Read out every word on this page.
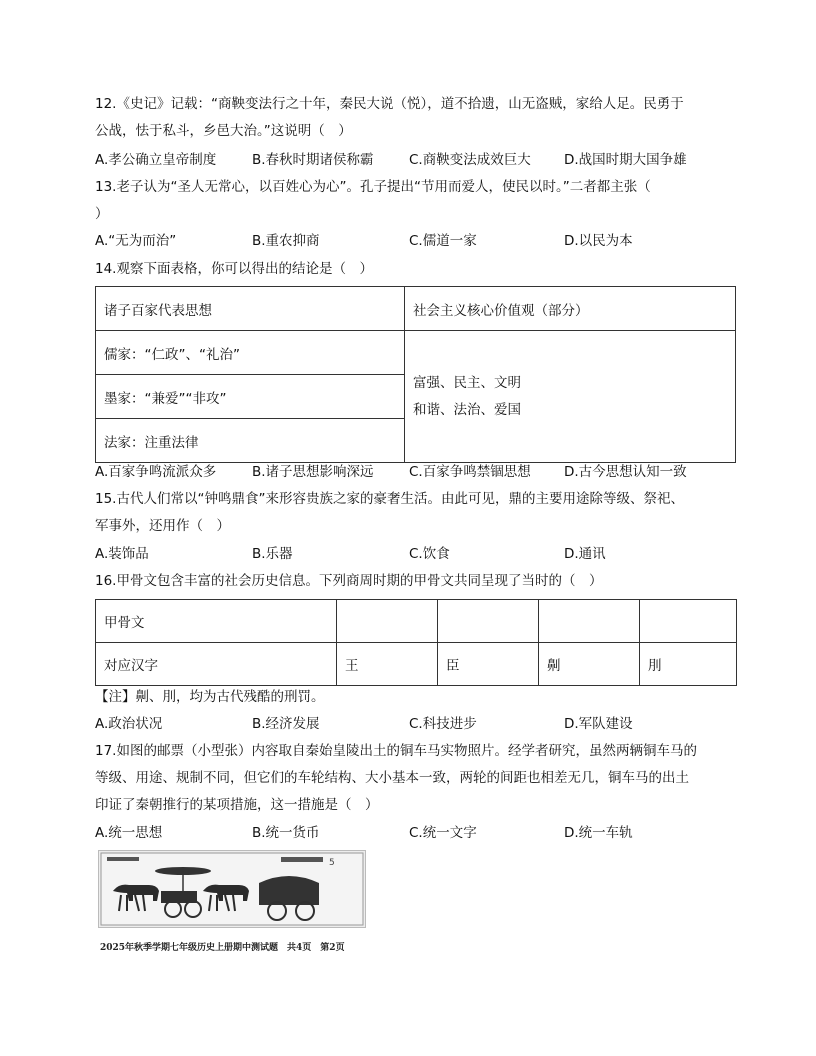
12.《史记》记载：“商鞅变法行之十年，秦民大说（悦），道不拾遗，山无盗贼，家给人足。民勇于
公战，怯于私斗，乡邑大治。”这说明（　）
A.孝公确立皇帝制度	B.春秋时期诸侯称霸	C.商鞅变法成效巨大 D.战国时期大国争雄
13.老子认为“圣人无常心，以百姓心为心”。孔子提出“节用而爱人，使民以时。”二者都主张（
）
A.“无为而治”	B.重农抑商	C.儒道一家	D.以民为本
14.观察下面表格，你可以得出的结论是（　）
诸子百家代表思想	社会主义核心价值观（部分）
儒家：“仁政”、“礼治”	富强、民主、文明
和谐、法治、爱国

墨家：“兼爱”“非攻”	
法家：注重法律	
A.百家争鸣流派众多	B.诸子思想影响深远	C.百家争鸣禁锢思想 D.古今思想认知一致
15.古代人们常以“钟鸣鼎食”来形容贵族之家的豪奢生活。由此可见，鼎的主要用途除等级、祭祀、
军事外，还用作（　）
A.装饰品	B.乐器	C.饮食	D.通讯
16.甲骨文包含丰富的社会历史信息。下列商周时期的甲骨文共同呈现了当时的（　）
甲骨文				
对应汉字	王	臣	劓	刖
【注】劓、刖，均为古代残酷的刑罚。
A.政治状况	B.经济发展	C.科技进步	D.军队建设
17.如图的邮票（小型张）内容取自秦始皇陵出土的铜车马实物照片。经学者研究，虽然两辆铜车马的
等级、用途、规制不同，但它们的车轮结构、大小基本一致，两轮的间距也相差无几，铜车马的出土
印证了秦朝推行的某项措施，这一措施是（　）
A.统一思想	B.统一货币	C.统一文字	D.统一车轨
5
2025年秋季学期七年级历史上册期中测试题　共4页　第2页
